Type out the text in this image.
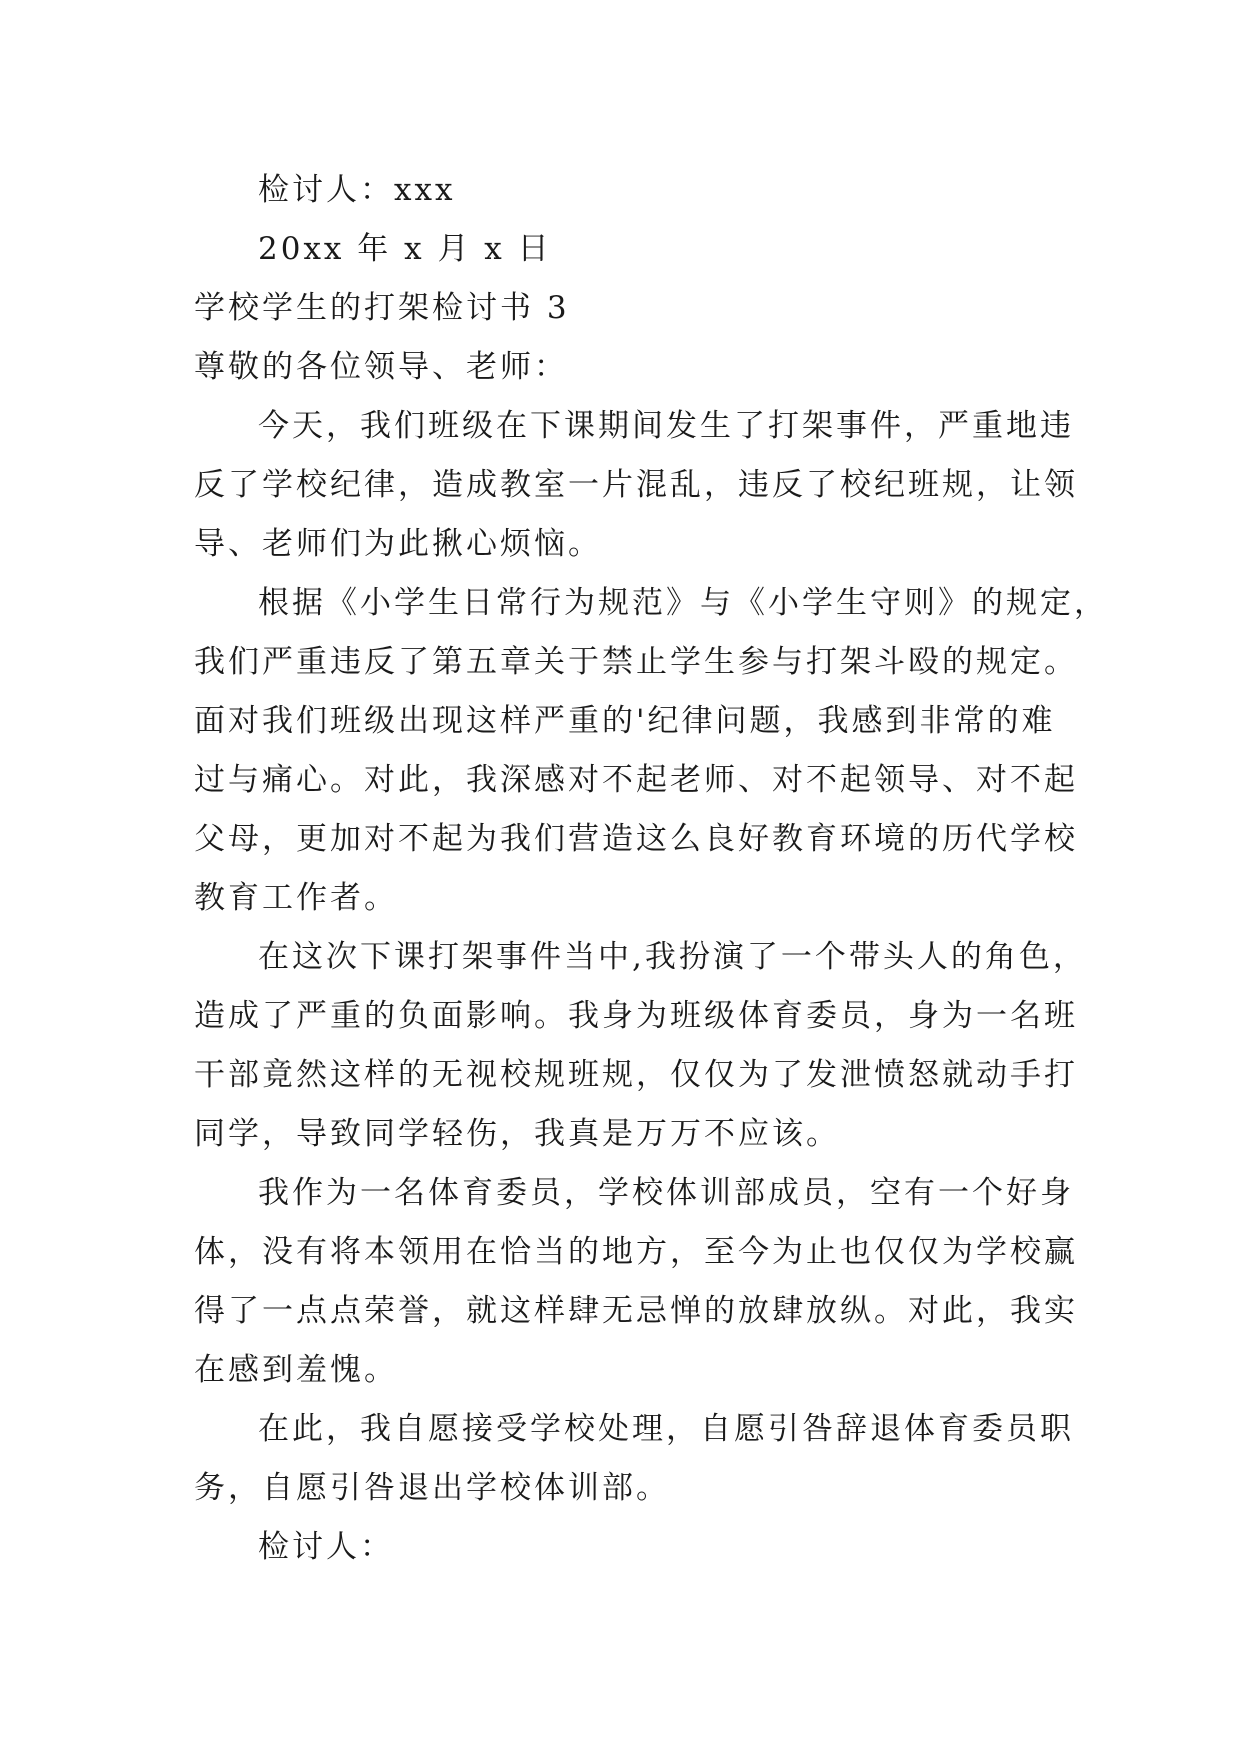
检讨人：xxx
20xx 年 x 月 x 日
学校学生的打架检讨书 3
尊敬的各位领导、老师：
今天，我们班级在下课期间发生了打架事件，严重地违
反了学校纪律，造成教室一片混乱，违反了校纪班规，让领
导、老师们为此揪心烦恼。
根据《小学生日常行为规范》与《小学生守则》的规定，
我们严重违反了第五章关于禁止学生参与打架斗殴的规定。
面对我们班级出现这样严重的'纪律问题，我感到非常的难
过与痛心。对此，我深感对不起老师、对不起领导、对不起
父母，更加对不起为我们营造这么良好教育环境的历代学校
教育工作者。
在这次下课打架事件当中,我扮演了一个带头人的角色，
造成了严重的负面影响。我身为班级体育委员，身为一名班
干部竟然这样的无视校规班规，仅仅为了发泄愤怒就动手打
同学，导致同学轻伤，我真是万万不应该。
我作为一名体育委员，学校体训部成员，空有一个好身
体，没有将本领用在恰当的地方，至今为止也仅仅为学校赢
得了一点点荣誉，就这样肆无忌惮的放肆放纵。对此，我实
在感到羞愧。
在此，我自愿接受学校处理，自愿引咎辞退体育委员职
务，自愿引咎退出学校体训部。
检讨人：
